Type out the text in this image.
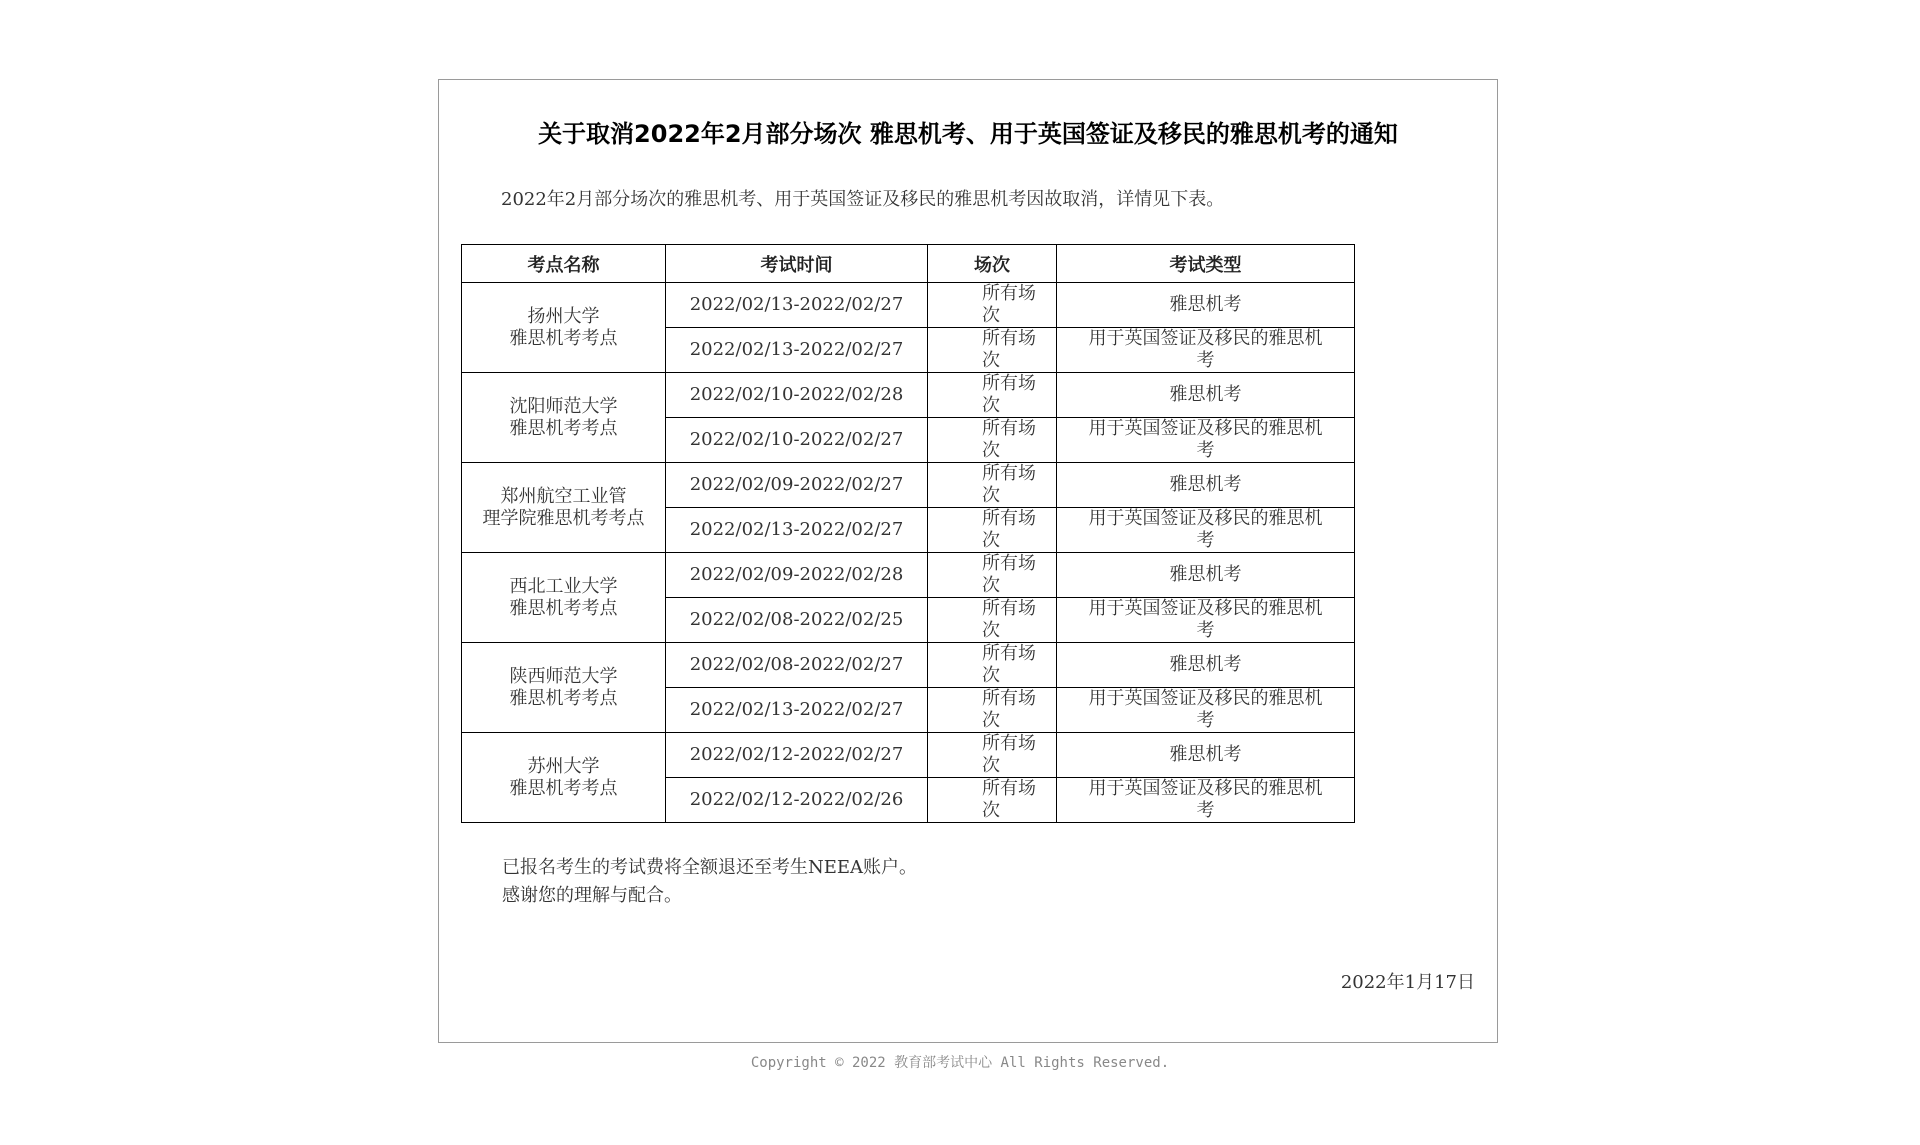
关于取消2022年2月部分场次 雅思机考、用于英国签证及移民的雅思机考的通知

2022年2月部分场次的雅思机考、用于英国签证及移民的雅思机考因故取消，详情见下表。

考点名称	考试时间	场次	考试类型

扬州大学
雅思机考考点	2022/02/13-2022/02/27	所有场次	雅思机考
	2022/02/13-2022/02/27	所有场次	用于英国签证及移民的雅思机考

沈阳师范大学
雅思机考考点	2022/02/10-2022/02/28	所有场次	雅思机考
	2022/02/10-2022/02/27	所有场次	用于英国签证及移民的雅思机考

郑州航空工业管
理学院雅思机考考点	2022/02/09-2022/02/27	所有场次	雅思机考
	2022/02/13-2022/02/27	所有场次	用于英国签证及移民的雅思机考

西北工业大学
雅思机考考点	2022/02/09-2022/02/28	所有场次	雅思机考
	2022/02/08-2022/02/25	所有场次	用于英国签证及移民的雅思机考

陕西师范大学
雅思机考考点	2022/02/08-2022/02/27	所有场次	雅思机考
	2022/02/13-2022/02/27	所有场次	用于英国签证及移民的雅思机考

苏州大学
雅思机考考点	2022/02/12-2022/02/27	所有场次	雅思机考
	2022/02/12-2022/02/26	所有场次	用于英国签证及移民的雅思机考

已报名考生的考试费将全额退还至考生NEEA账户。

感谢您的理解与配合。

2022年1月17日
Copyright © 2022 教育部考试中心 All Rights Reserved.
